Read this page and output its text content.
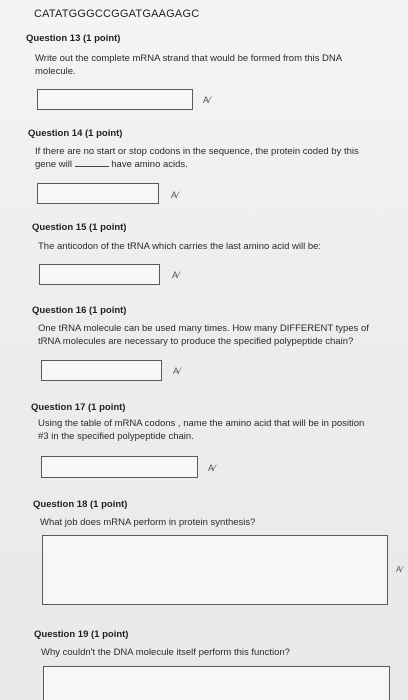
CATATGGGCCGGATGAAGAGC
Question 13 (1 point)
Write out the complete mRNA strand that would be formed from this DNA
molecule.
A⁄
Question 14 (1 point)
If there are no start or stop codons in the sequence, the protein coded by this
gene will	have amino acids.
A⁄
Question 15 (1 point)
The anticodon of the tRNA which carries the last amino acid will be:
A⁄
Question 16 (1 point)
One tRNA molecule can be used many times. How many DIFFERENT types of
tRNA molecules are necessary to produce the specified polypeptide chain?
A⁄
Question 17 (1 point)
Using the table of mRNA codons , name the amino acid that will be in position
#3 in the specified polypeptide chain.
A⁄
Question 18 (1 point)
What job does mRNA perform in protein synthesis?
A⁄
Question 19 (1 point)
Why couldn't the DNA molecule itself perform this function?
